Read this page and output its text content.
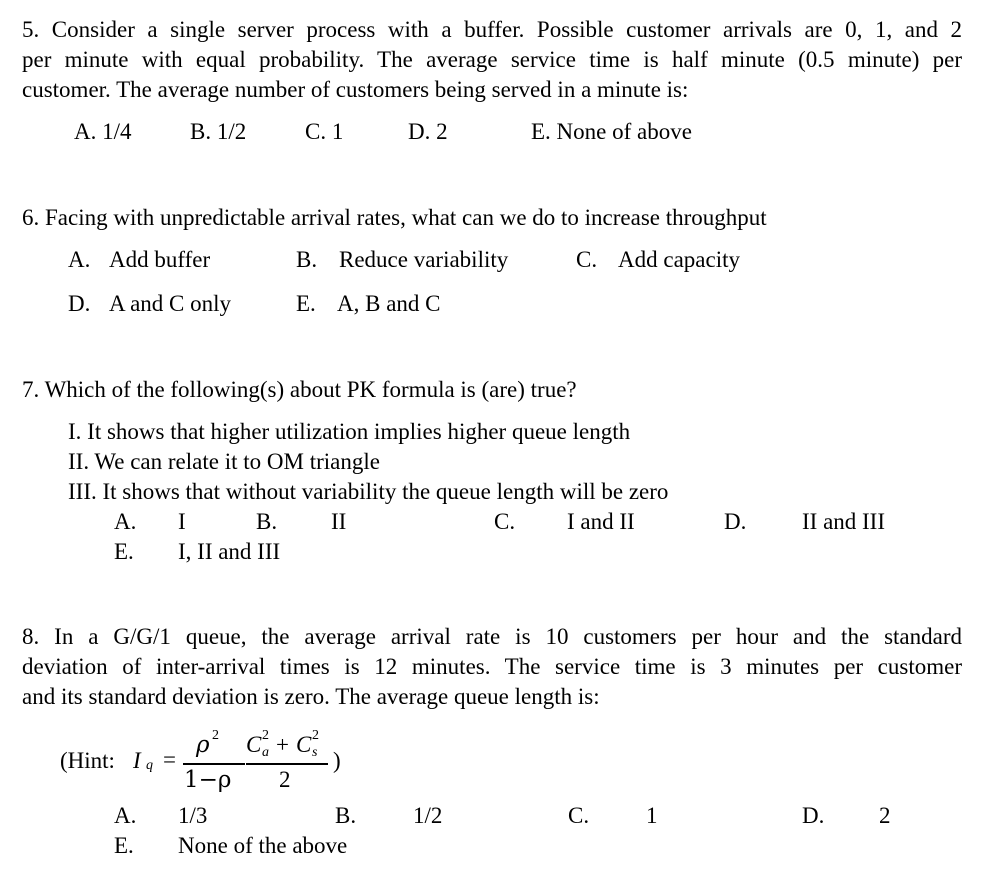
5. Consider a single server process with a buffer. Possible customer arrivals are 0, 1, and 2
per minute with equal probability. The average service time is half minute (0.5 minute) per
customer. The average number of customers being served in a minute is:
A. 1/4	B. 1/2	C. 1	D. 2	E. None of above
6. Facing with unpredictable arrival rates, what can we do to increase throughput
A. Add buffer	B. Reduce variability	C. Add capacity
D. A and C only	E. A, B and C
7. Which of the following(s) about PK formula is (are) true?
I. It shows that higher utilization implies higher queue length
II. We can relate it to OM triangle
III. It shows that without variability the queue length will be zero
A. I	B. II	C. I and II	D. II and III
E. I, II and III
8. In a G/G/1 queue, the average arrival rate is 10 customers per hour and the standard
deviation of inter-arrival times is 12 minutes. The service time is 3 minutes per customer
and its standard deviation is zero. The average queue length is:
(Hint: I q =
ρ 2
1−ρ
C 2
a + C 2
s
2
)
A. 1/3	B. 1/2	C. 1	D. 2
E. None of the above
